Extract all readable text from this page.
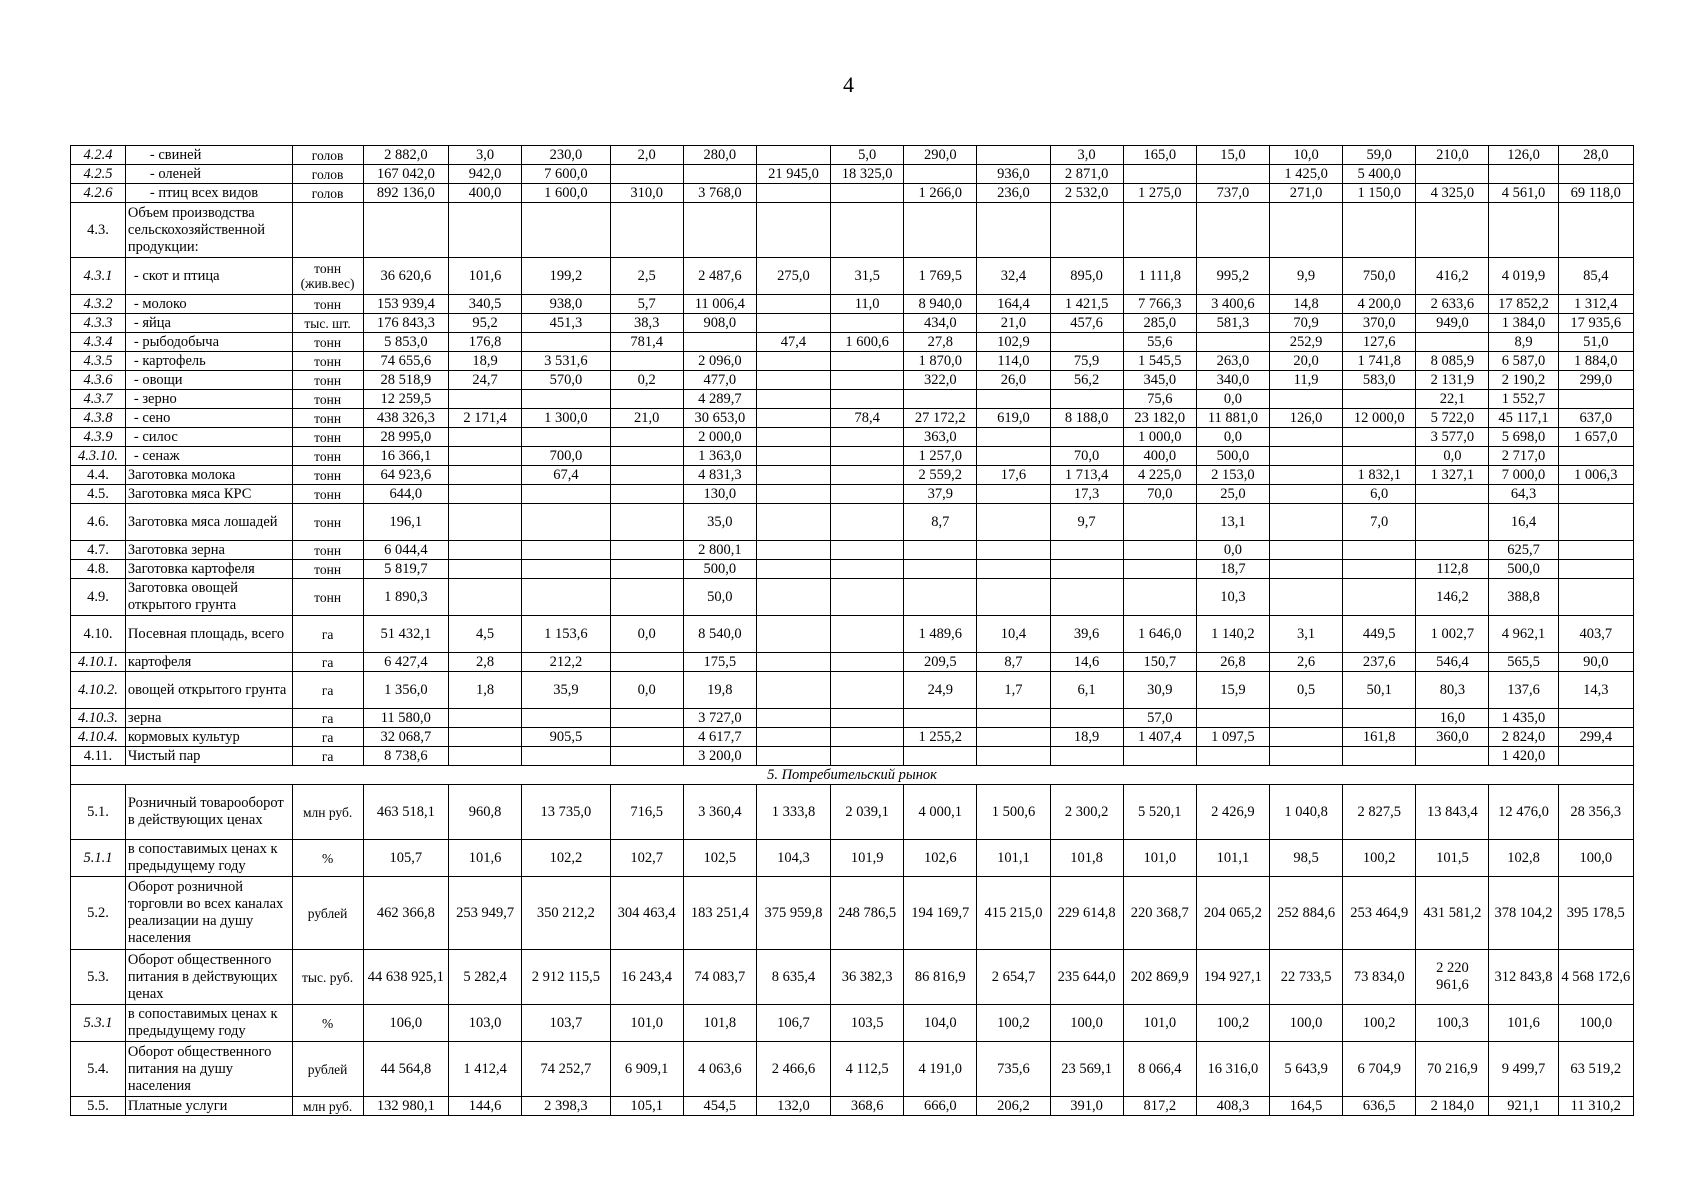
4
4.2.4	- свиней	голов	2 882,0	3,0	230,0	2,0	280,0		5,0	290,0		3,0	165,0	15,0	10,0	59,0	210,0	126,0	28,0
4.2.5	- оленей	голов	167 042,0	942,0	7 600,0			21 945,0	18 325,0		936,0	2 871,0			1 425,0	5 400,0			
4.2.6	- птиц всех видов	голов	892 136,0	400,0	1 600,0	310,0	3 768,0			1 266,0	236,0	2 532,0	1 275,0	737,0	271,0	1 150,0	4 325,0	4 561,0	69 118,0
4.3.	Объем производства сельскохозяйственной продукции:																		
4.3.1	- скот и птица	тонн (жив.вес)	36 620,6	101,6	199,2	2,5	2 487,6	275,0	31,5	1 769,5	32,4	895,0	1 111,8	995,2	9,9	750,0	416,2	4 019,9	85,4
4.3.2	- молоко	тонн	153 939,4	340,5	938,0	5,7	11 006,4		11,0	8 940,0	164,4	1 421,5	7 766,3	3 400,6	14,8	4 200,0	2 633,6	17 852,2	1 312,4
4.3.3	- яйца	тыс. шт.	176 843,3	95,2	451,3	38,3	908,0			434,0	21,0	457,6	285,0	581,3	70,9	370,0	949,0	1 384,0	17 935,6
4.3.4	- рыбодобыча	тонн	5 853,0	176,8		781,4		47,4	1 600,6	27,8	102,9		55,6		252,9	127,6		8,9	51,0
4.3.5	- картофель	тонн	74 655,6	18,9	3 531,6		2 096,0			1 870,0	114,0	75,9	1 545,5	263,0	20,0	1 741,8	8 085,9	6 587,0	1 884,0
4.3.6	- овощи	тонн	28 518,9	24,7	570,0	0,2	477,0			322,0	26,0	56,2	345,0	340,0	11,9	583,0	2 131,9	2 190,2	299,0
4.3.7	- зерно	тонн	12 259,5				4 289,7						75,6	0,0			22,1	1 552,7	
4.3.8	- сено	тонн	438 326,3	2 171,4	1 300,0	21,0	30 653,0		78,4	27 172,2	619,0	8 188,0	23 182,0	11 881,0	126,0	12 000,0	5 722,0	45 117,1	637,0
4.3.9	- силос	тонн	28 995,0				2 000,0			363,0			1 000,0	0,0			3 577,0	5 698,0	1 657,0
4.3.10.	- сенаж	тонн	16 366,1		700,0		1 363,0			1 257,0		70,0	400,0	500,0			0,0	2 717,0	
4.4.	Заготовка молока	тонн	64 923,6		67,4		4 831,3			2 559,2	17,6	1 713,4	4 225,0	2 153,0		1 832,1	1 327,1	7 000,0	1 006,3
4.5.	Заготовка мяса КРС	тонн	644,0				130,0			37,9		17,3	70,0	25,0		6,0		64,3	
4.6.	Заготовка мяса лошадей	тонн	196,1				35,0			8,7		9,7		13,1		7,0		16,4	
4.7.	Заготовка зерна	тонн	6 044,4				2 800,1							0,0				625,7	
4.8.	Заготовка картофеля	тонн	5 819,7				500,0							18,7			112,8	500,0	
4.9.	Заготовка овощей открытого грунта	тонн	1 890,3				50,0							10,3			146,2	388,8	
4.10.	Посевная площадь, всего	га	51 432,1	4,5	1 153,6	0,0	8 540,0			1 489,6	10,4	39,6	1 646,0	1 140,2	3,1	449,5	1 002,7	4 962,1	403,7
4.10.1.	картофеля	га	6 427,4	2,8	212,2		175,5			209,5	8,7	14,6	150,7	26,8	2,6	237,6	546,4	565,5	90,0
4.10.2.	овощей открытого грунта	га	1 356,0	1,8	35,9	0,0	19,8			24,9	1,7	6,1	30,9	15,9	0,5	50,1	80,3	137,6	14,3
4.10.3.	зерна	га	11 580,0				3 727,0						57,0				16,0	1 435,0	
4.10.4.	кормовых культур	га	32 068,7		905,5		4 617,7			1 255,2		18,9	1 407,4	1 097,5		161,8	360,0	2 824,0	299,4
4.11.	Чистый пар	га	8 738,6				3 200,0											1 420,0	
5. Потребительский рынок																			
5.1.	Розничный товарооборот в действующих ценах	млн руб.	463 518,1	960,8	13 735,0	716,5	3 360,4	1 333,8	2 039,1	4 000,1	1 500,6	2 300,2	5 520,1	2 426,9	1 040,8	2 827,5	13 843,4	12 476,0	28 356,3
5.1.1	в сопоставимых ценах к предыдущему году	%	105,7	101,6	102,2	102,7	102,5	104,3	101,9	102,6	101,1	101,8	101,0	101,1	98,5	100,2	101,5	102,8	100,0
5.2.	Оборот розничной торговли во всех каналах реализации на душу населения	рублей	462 366,8	253 949,7	350 212,2	304 463,4	183 251,4	375 959,8	248 786,5	194 169,7	415 215,0	229 614,8	220 368,7	204 065,2	252 884,6	253 464,9	431 581,2	378 104,2	395 178,5
5.3.	Оборот общественного питания в действующих ценах	тыс. руб.	44 638 925,1	5 282,4	2 912 115,5	16 243,4	74 083,7	8 635,4	36 382,3	86 816,9	2 654,7	235 644,0	202 869,9	194 927,1	22 733,5	73 834,0	2 220 961,6	312 843,8	4 568 172,6
5.3.1	в сопоставимых ценах к предыдущему году	%	106,0	103,0	103,7	101,0	101,8	106,7	103,5	104,0	100,2	100,0	101,0	100,2	100,0	100,2	100,3	101,6	100,0
5.4.	Оборот общественного питания на душу населения	рублей	44 564,8	1 412,4	74 252,7	6 909,1	4 063,6	2 466,6	4 112,5	4 191,0	735,6	23 569,1	8 066,4	16 316,0	5 643,9	6 704,9	70 216,9	9 499,7	63 519,2
5.5.	Платные услуги	млн руб.	132 980,1	144,6	2 398,3	105,1	454,5	132,0	368,6	666,0	206,2	391,0	817,2	408,3	164,5	636,5	2 184,0	921,1	11 310,2
